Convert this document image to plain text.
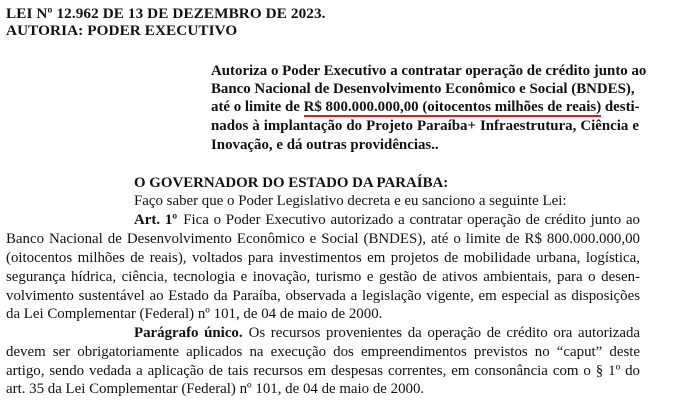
LEI Nº 12.962 DE 13 DE DEZEMBRO DE 2023.
AUTORIA: PODER EXECUTIVO
Autoriza o Poder Executivo a contratar operação de crédito junto ao
Banco Nacional de Desenvolvimento Econômico e Social (BNDES),
até o limite de R$ 800.000.000,00 (oitocentos milhões de reais) desti-
nados à implantação do Projeto Paraíba+ Infraestrutura, Ciência e
Inovação, e dá outras providências..
O GOVERNADOR DO ESTADO DA PARAÍBA:
Faço saber que o Poder Legislativo decreta e eu sanciono a seguinte Lei:
Art. 1º Fica o Poder Executivo autorizado a contratar operação de crédito junto ao
Banco Nacional de Desenvolvimento Econômico e Social (BNDES), até o limite de R$ 800.000.000,00
(oitocentos milhões de reais), voltados para investimentos em projetos de mobilidade urbana, logística,
segurança hídrica, ciência, tecnologia e inovação, turismo e gestão de ativos ambientais, para o desen-
volvimento sustentável ao Estado da Paraíba, observada a legislação vigente, em especial as disposições
da Lei Complementar (Federal) nº 101, de 04 de maio de 2000.
Parágrafo único. Os recursos provenientes da operação de crédito ora autorizada
devem ser obrigatoriamente aplicados na execução dos empreendimentos previstos no “caput” deste
artigo, sendo vedada a aplicação de tais recursos em despesas correntes, em consonância com o § 1º do
art. 35 da Lei Complementar (Federal) nº 101, de 04 de maio de 2000.
